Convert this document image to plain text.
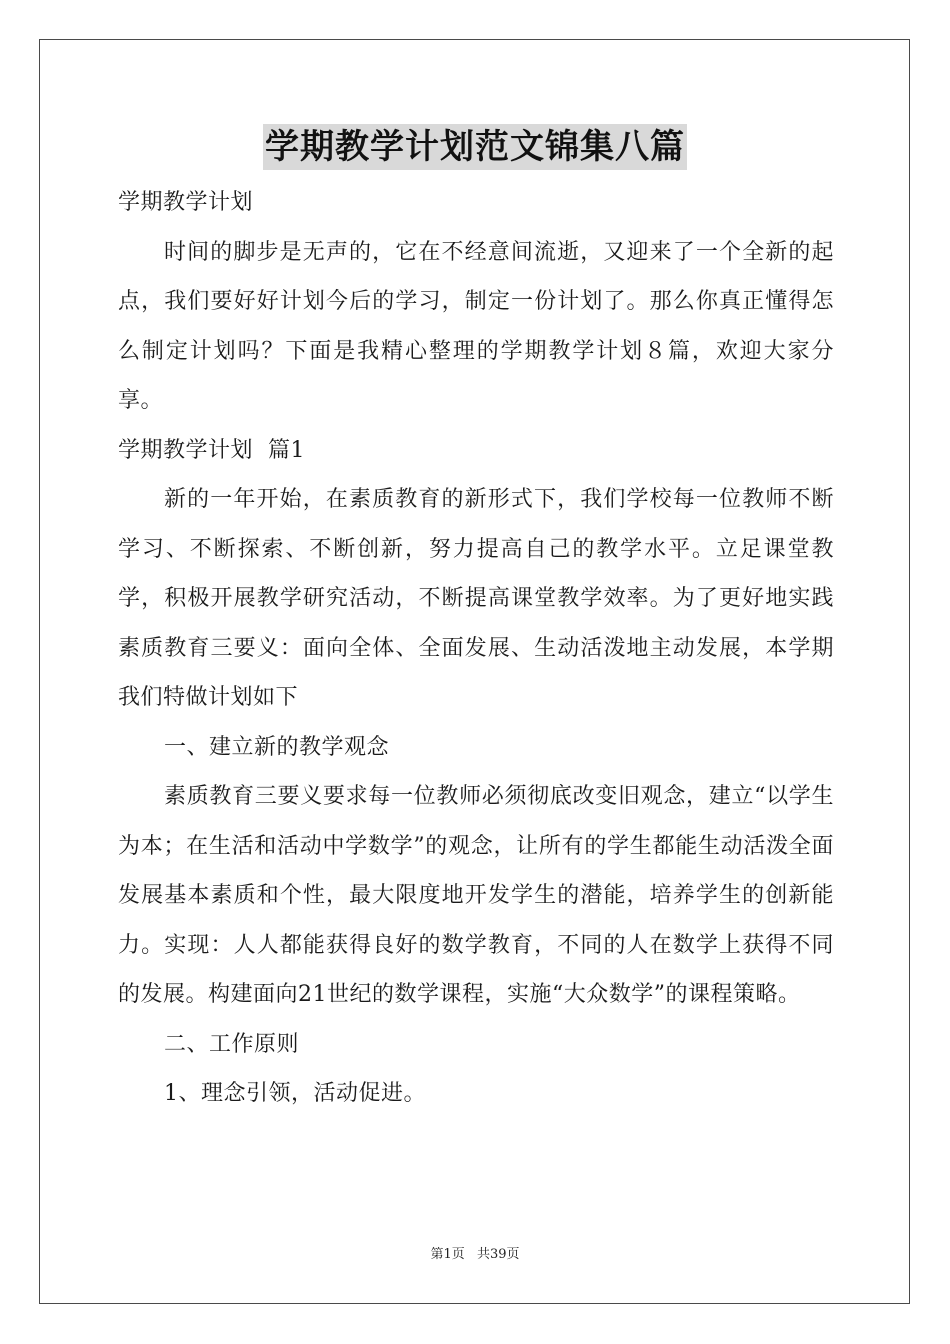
学期教学计划范文锦集八篇

学期教学计划

时间的脚步是无声的，它在不经意间流逝，又迎来了一个全新的起点，我们要好好计划今后的学习，制定一份计划了。那么你真正懂得怎么制定计划吗？下面是我精心整理的学期教学计划８篇，欢迎大家分享。

学期教学计划  篇1

新的一年开始，在素质教育的新形式下，我们学校每一位教师不断学习、不断探索、不断创新，努力提高自己的教学水平。立足课堂教学，积极开展教学研究活动，不断提高课堂教学效率。为了更好地实践素质教育三要义：面向全体、全面发展、生动活泼地主动发展，本学期我们特做计划如下

一、建立新的教学观念

素质教育三要义要求每一位教师必须彻底改变旧观念，建立“以学生为本；在生活和活动中学数学”的观念，让所有的学生都能生动活泼全面发展基本素质和个性，最大限度地开发学生的潜能，培养学生的创新能力。实现：人人都能获得良好的数学教育，不同的人在数学上获得不同的发展。构建面向21世纪的数学课程，实施“大众数学”的课程策略。

二、工作原则

1、理念引领，活动促进。

第1页 共39页
